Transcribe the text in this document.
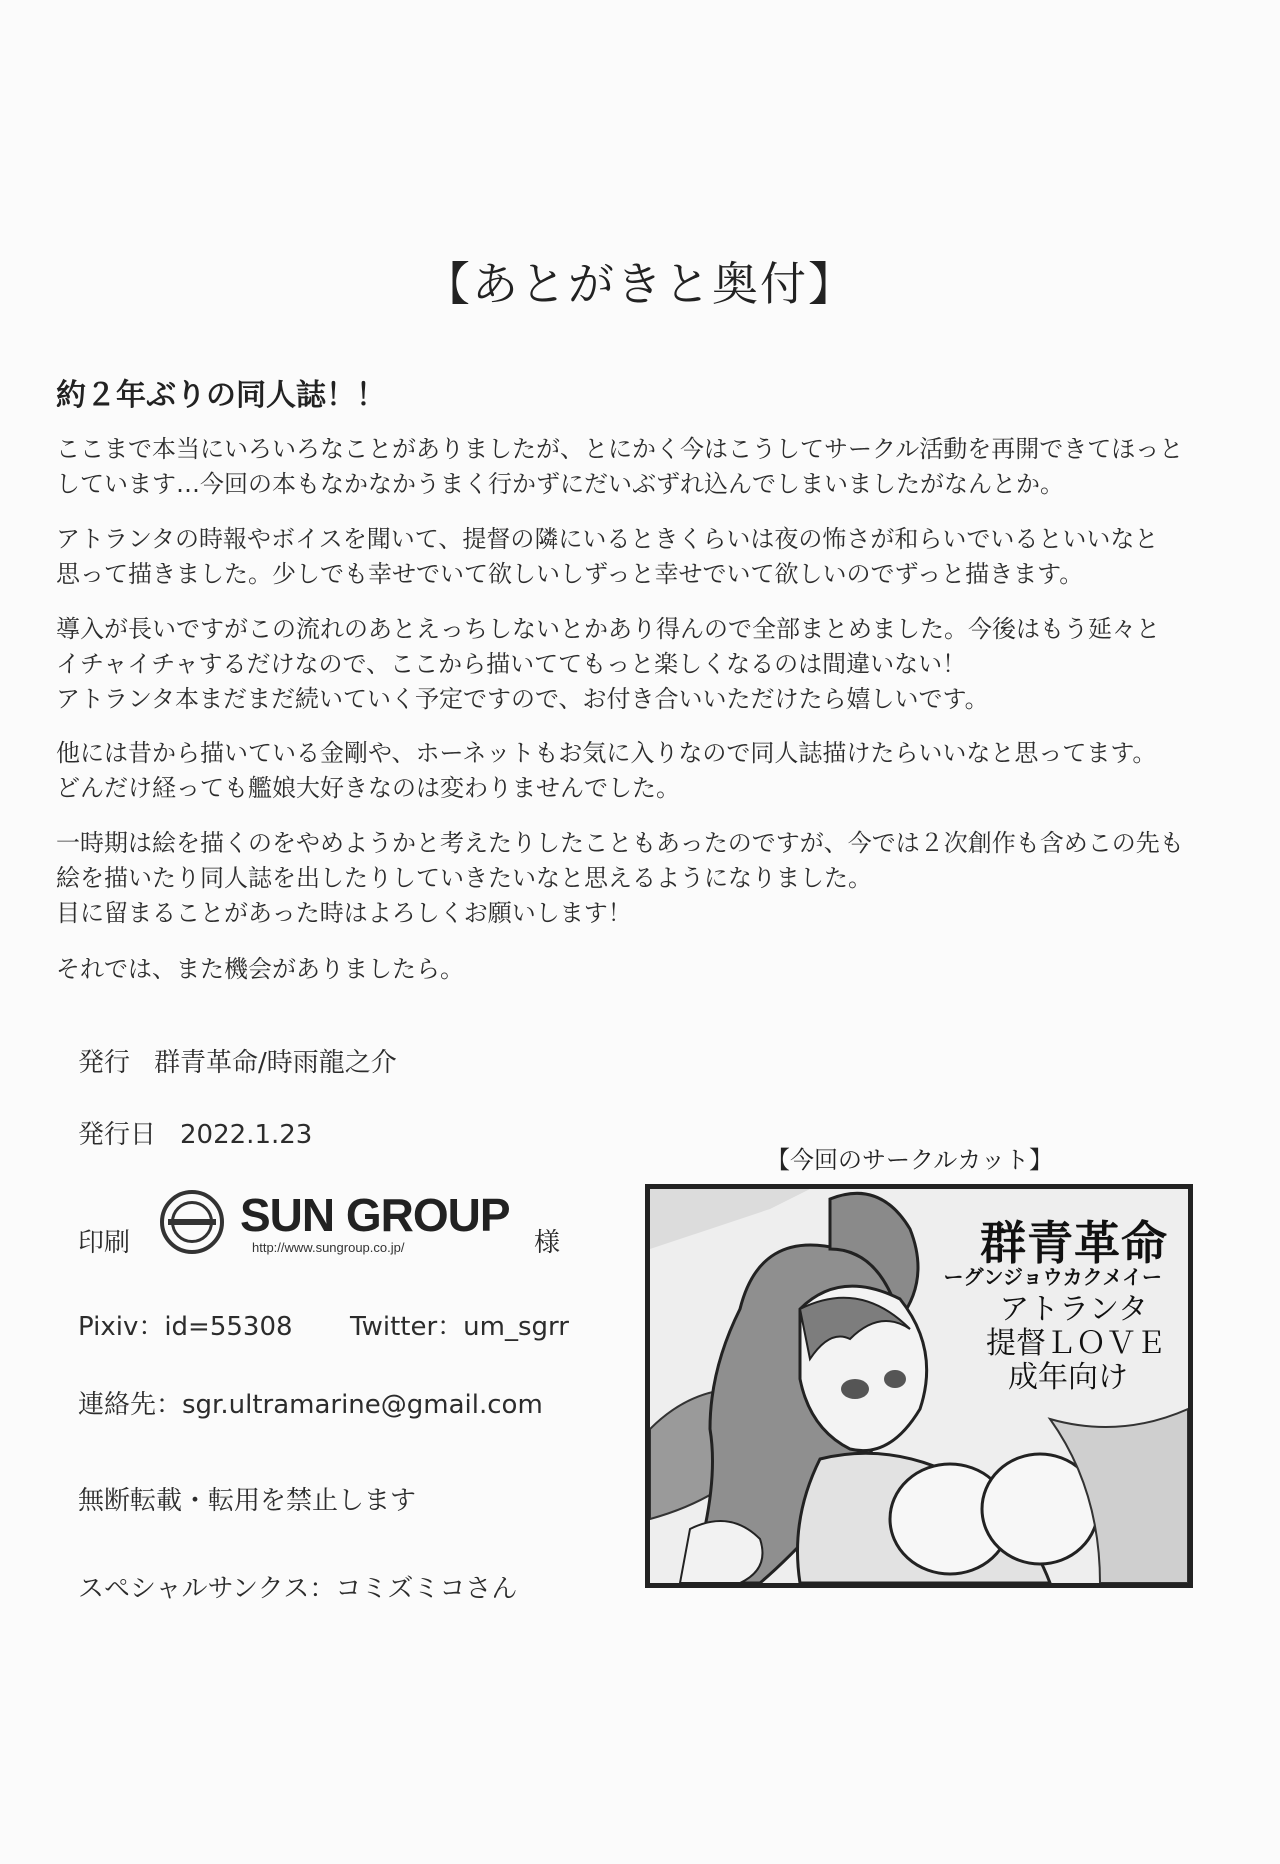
【あとがきと奥付】
約２年ぶりの同人誌！！
ここまで本当にいろいろなことがありましたが、とにかく今はこうしてサークル活動を再開できてほっと
しています…今回の本もなかなかうまく行かずにだいぶずれ込んでしまいましたがなんとか。
アトランタの時報やボイスを聞いて、提督の隣にいるときくらいは夜の怖さが和らいでいるといいなと
思って描きました。少しでも幸せでいて欲しいしずっと幸せでいて欲しいのでずっと描きます。
導入が長いですがこの流れのあとえっちしないとかあり得んので全部まとめました。今後はもう延々と
イチャイチャするだけなので、ここから描いててもっと楽しくなるのは間違いない！
アトランタ本まだまだ続いていく予定ですので、お付き合いいただけたら嬉しいです。
他には昔から描いている金剛や、ホーネットもお気に入りなので同人誌描けたらいいなと思ってます。
どんだけ経っても艦娘大好きなのは変わりませんでした。
一時期は絵を描くのをやめようかと考えたりしたこともあったのですが、今では２次創作も含めこの先も
絵を描いたり同人誌を出したりしていきたいなと思えるようになりました。
目に留まることがあった時はよろしくお願いします！
それでは、また機会がありましたら。
発行 群青革命/時雨龍之介
発行日 2022.1.23
印刷
SUN GROUP
http://www.sungroup.co.jp/	様
Pixiv：id=55308 Twitter：um_sgrr
連絡先：sgr.ultramarine@gmail.com
無断転載・転用を禁止します
スペシャルサンクス：コミズミコさん
【今回のサークルカット】
群青革命
ーグンジョウカクメイー
アトランタ
提督ＬＯＶＥ
成年向け
